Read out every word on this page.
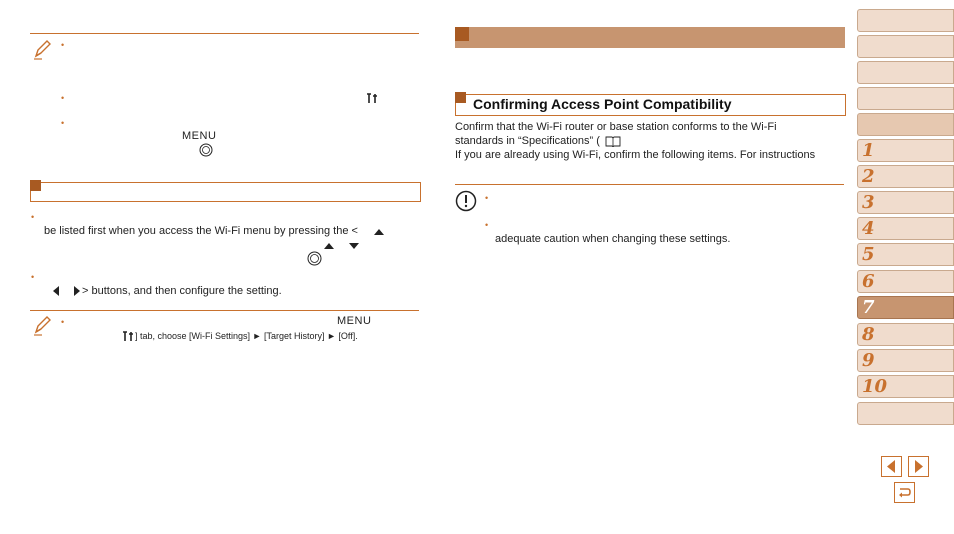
•
•
•
MENU
•
be listed first when you access the Wi-Fi menu by pressing the <
•
> buttons, and then configure the setting.
•	MENU
] tab, choose [Wi-Fi Settings] ► [Target History] ► [Off].
Confirming Access Point Compatibility
Confirm that the Wi-Fi router or base station conforms to the Wi-Fi
standards in “Specifications” (
If you are already using Wi-Fi, confirm the following items. For instructions
•
•
adequate caution when changing these settings.
1
2
3
4
5
6
7
8
9
10
